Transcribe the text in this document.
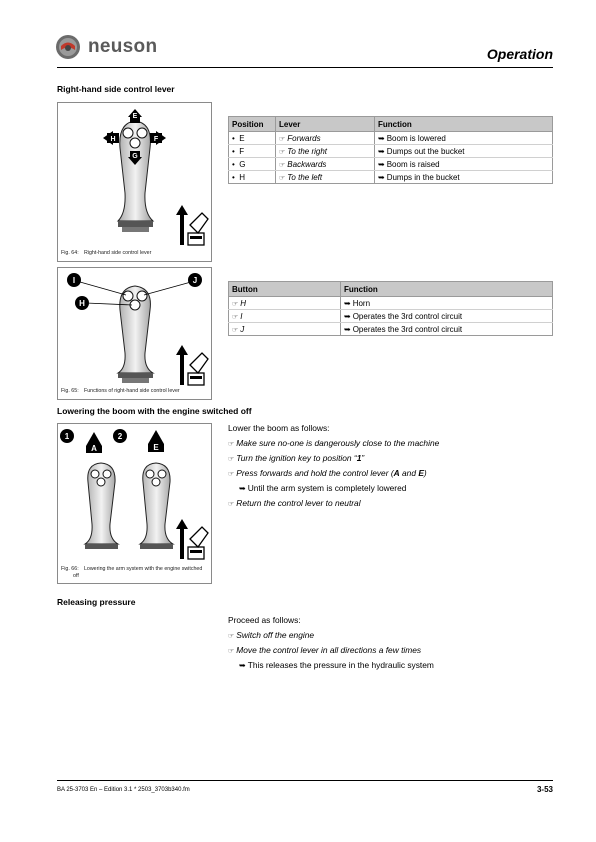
neuson	Operation
Right-hand side control lever
E
H	F
G
Fig. 64: Right-hand side control lever
Position	Lever	Function
• E	☞ Forwards	➥ Boom is lowered
• F	☞ To the right	➥ Dumps out the bucket
• G	☞ Backwards	➥ Boom is raised
• H	☞ To the left	➥ Dumps in the bucket
I	J
H
Fig. 65: Functions of right-hand side control lever
Button	Function
☞ H	➥ Horn
☞ I	➥ Operates the 3rd control circuit
☞ J	➥ Operates the 3rd control circuit
Lowering the boom with the engine switched off
1
A
2
E
Fig. 66: Lowering the arm system with the engine switched
off
Lower the boom as follows:
☞ Make sure no-one is dangerously close to the machine
☞ Turn the ignition key to position “1”
☞ Press forwards and hold the control lever (A and E)
➥ Until the arm system is completely lowered
☞ Return the control lever to neutral
Releasing pressure
Proceed as follows:
☞ Switch off the engine
☞ Move the control lever in all directions a few times
➥ This releases the pressure in the hydraulic system
BA 25-3703 En – Edition 3.1 * 2503_3703b340.fm	3-53
